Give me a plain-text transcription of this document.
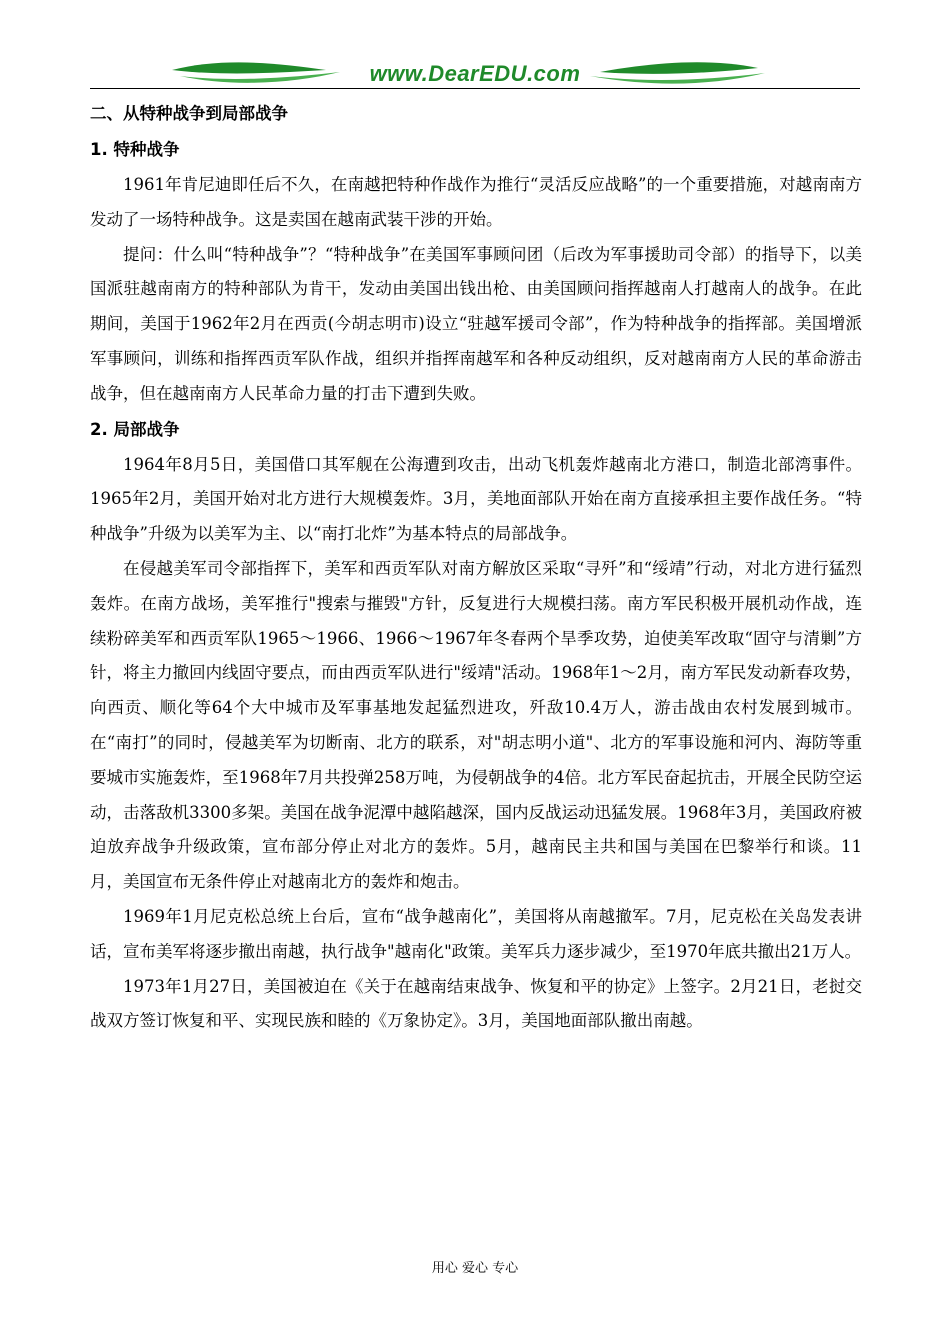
www.DearEDU.com
二、从特种战争到局部战争
1. 特种战争

1961年肯尼迪即任后不久，在南越把特种作战作为推行“灵活反应战略”的一个重要措施，对越南南方发动了一场特种战争。这是卖国在越南武装干涉的开始。

提问：什么叫“特种战争”？“特种战争”在美国军事顾问团（后改为军事援助司令部）的指导下，以美国派驻越南南方的特种部队为肯干，发动由美国出钱出枪、由美国顾问指挥越南人打越南人的战争。在此期间，美国于1962年2月在西贡(今胡志明市)设立“驻越军援司令部”，作为特种战争的指挥部。美国增派军事顾问，训练和指挥西贡军队作战，组织并指挥南越军和各种反动组织，反对越南南方人民的革命游击战争，但在越南南方人民革命力量的打击下遭到失败。

2. 局部战争

1964年8月5日，美国借口其军舰在公海遭到攻击，出动飞机轰炸越南北方港口，制造北部湾事件。1965年2月，美国开始对北方进行大规模轰炸。3月，美地面部队开始在南方直接承担主要作战任务。“特种战争”升级为以美军为主、以“南打北炸”为基本特点的局部战争。

在侵越美军司令部指挥下，美军和西贡军队对南方解放区采取“寻歼”和“绥靖”行动，对北方进行猛烈轰炸。在南方战场，美军推行"搜索与摧毁"方针，反复进行大规模扫荡。南方军民积极开展机动作战，连续粉碎美军和西贡军队1965～1966、1966～1967年冬春两个旱季攻势，迫使美军改取“固守与清剿”方针，将主力撤回内线固守要点，而由西贡军队进行"绥靖"活动。1968年1～2月，南方军民发动新春攻势，向西贡、顺化等64个大中城市及军事基地发起猛烈进攻，歼敌10.4万人，游击战由农村发展到城市。在“南打”的同时，侵越美军为切断南、北方的联系，对"胡志明小道"、北方的军事设施和河内、海防等重要城市实施轰炸，至1968年7月共投弹258万吨，为侵朝战争的4倍。北方军民奋起抗击，开展全民防空运动，击落敌机3300多架。美国在战争泥潭中越陷越深，国内反战运动迅猛发展。1968年3月，美国政府被迫放弃战争升级政策，宣布部分停止对北方的轰炸。5月，越南民主共和国与美国在巴黎举行和谈。11月，美国宣布无条件停止对越南北方的轰炸和炮击。

1969年1月尼克松总统上台后，宣布“战争越南化”，美国将从南越撤军。7月，尼克松在关岛发表讲话，宣布美军将逐步撤出南越，执行战争"越南化"政策。美军兵力逐步减少，至1970年底共撤出21万人。

1973年1月27日，美国被迫在《关于在越南结束战争、恢复和平的协定》上签字。2月21日，老挝交战双方签订恢复和平、实现民族和睦的《万象协定》。3月，美国地面部队撤出南越。

用心 爱心 专心
